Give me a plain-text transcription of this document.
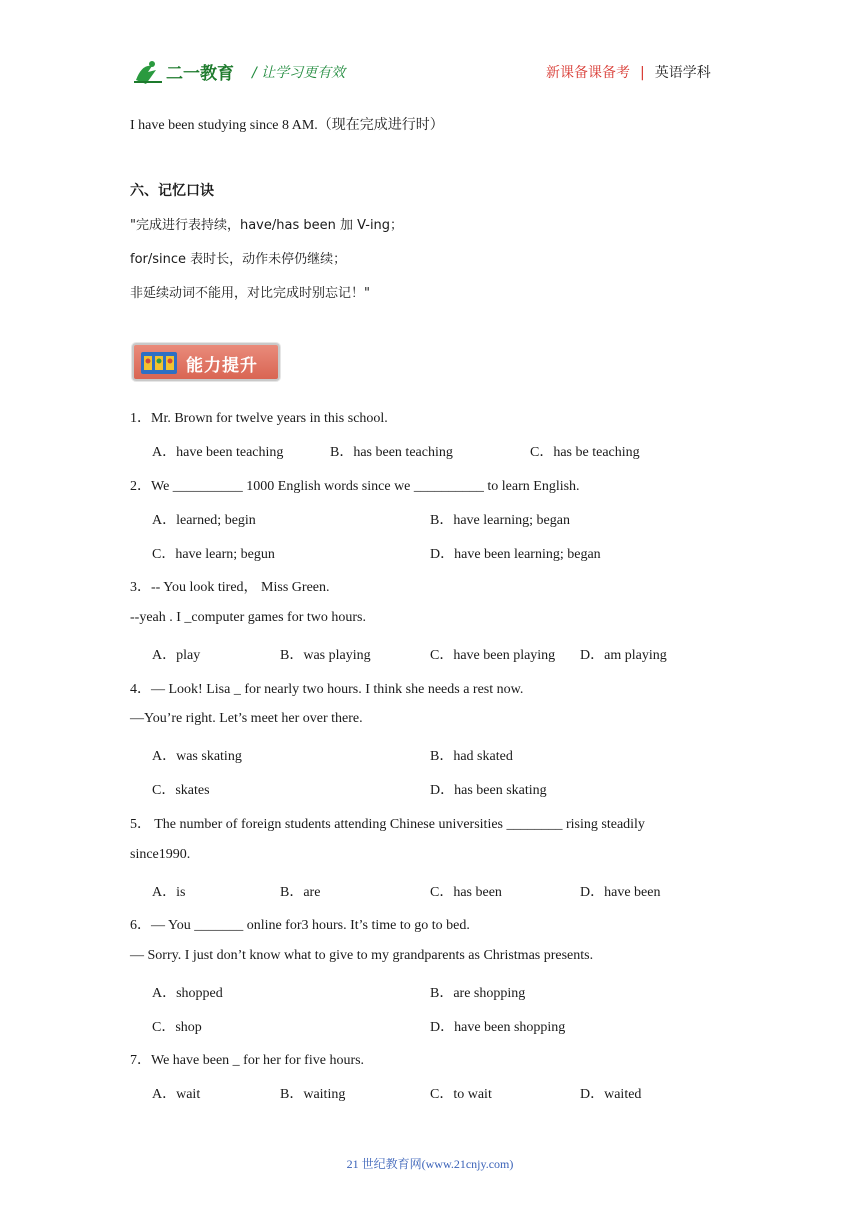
二一教育 / 让学习更有效	新课备课备考 | 英语学科
I have been studying since 8 AM.（现在完成进行时）
六、记忆口诀
"完成进行表持续，have/has been 加 V-ing；
for/since 表时长，动作未停仍继续；
非延续动词不能用，对比完成时别忘记！"
能力提升
1．Mr. Brown for twelve years in this school.
A．have been teaching	B．has been teaching	C．has be teaching
2．We __________ 1000 English words since we __________ to learn English.
A．learned; begin	B．have learning; began
C．have learn; begun	D．have been learning; began
3．-- You look tired， Miss Green.
--yeah . I _computer games for two hours.
A．play	B．was playing	C．have been playing D．am playing
4．— Look! Lisa _ for nearly two hours. I think she needs a rest now.
—You’re right. Let’s meet her over there.
A．was skating	B．had skated
C．skates	D．has been skating
5． The number of foreign students attending Chinese universities ________ rising steadily
since1990.
A．is	B．are	C．has been	D．have been
6．— You _______ online for3 hours. It’s time to go to bed.
— Sorry. I just don’t know what to give to my grandparents as Christmas presents.
A．shopped	B．are shopping
C．shop	D．have been shopping
7．We have been _ for her for five hours.
A．wait	B．waiting	C．to wait	D．waited
21 世纪教育网(www.21cnjy.com)
